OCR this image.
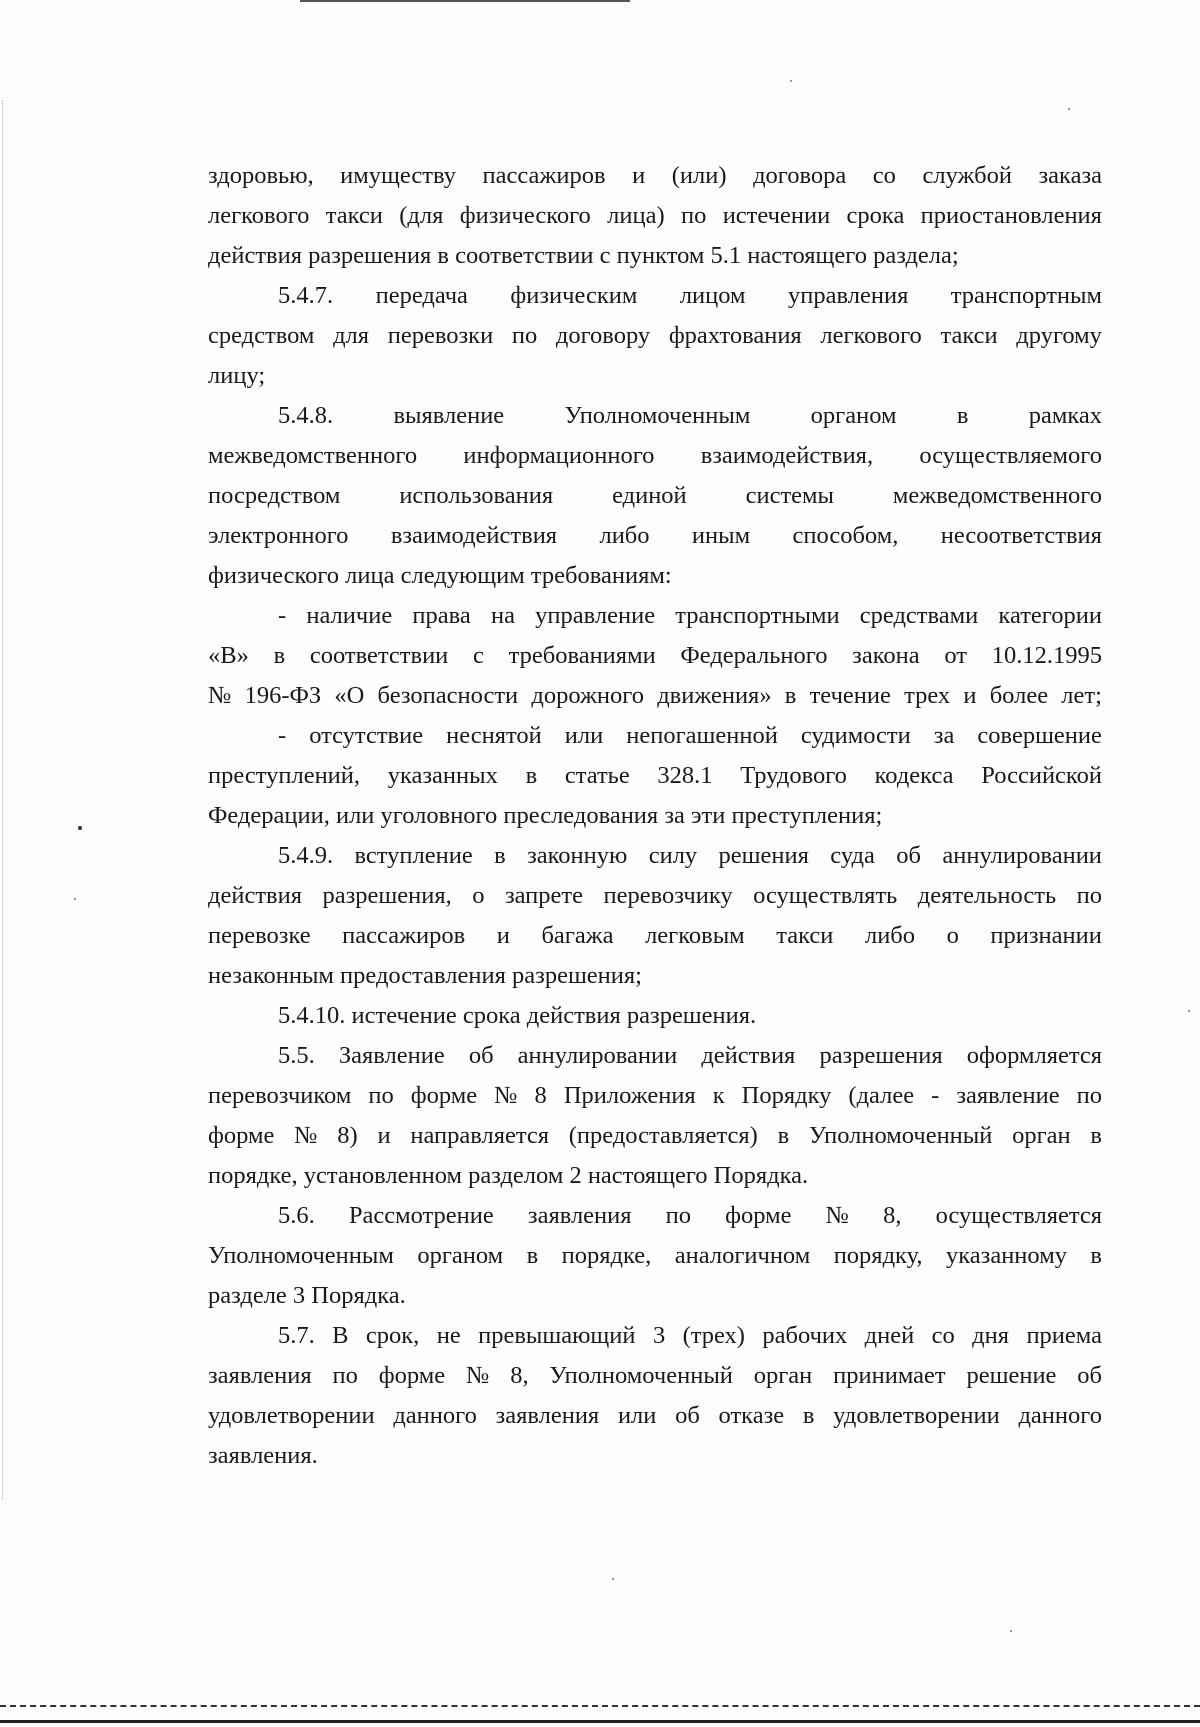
здоровью, имуществу пассажиров и (или) договора со службой заказа
легкового такси (для физического лица) по истечении срока приостановления
действия разрешения в соответствии с пунктом 5.1 настоящего раздела;
5.4.7. передача физическим лицом управления транспортным
средством для перевозки по договору фрахтования легкового такси другому
лицу;
5.4.8. выявление Уполномоченным органом в рамках
межведомственного информационного взаимодействия, осуществляемого
посредством использования единой системы межведомственного
электронного взаимодействия либо иным способом, несоответствия
физического лица следующим требованиям:
- наличие права на управление транспортными средствами категории
«В» в соответствии с требованиями Федерального закона от 10.12.1995
№ 196-ФЗ «О безопасности дорожного движения» в течение трех и более лет;
- отсутствие неснятой или непогашенной судимости за совершение
преступлений, указанных в статье 328.1 Трудового кодекса Российской
Федерации, или уголовного преследования за эти преступления;
5.4.9. вступление в законную силу решения суда об аннулировании
действия разрешения, о запрете перевозчику осуществлять деятельность по
перевозке пассажиров и багажа легковым такси либо о признании
незаконным предоставления разрешения;
5.4.10. истечение срока действия разрешения.
5.5. Заявление об аннулировании действия разрешения оформляется
перевозчиком по форме № 8 Приложения к Порядку (далее - заявление по
форме № 8) и направляется (предоставляется) в Уполномоченный орган в
порядке, установленном разделом 2 настоящего Порядка.
5.6. Рассмотрение заявления по форме № 8, осуществляется
Уполномоченным органом в порядке, аналогичном порядку, указанному в
разделе 3 Порядка.
5.7. В срок, не превышающий 3 (трех) рабочих дней со дня приема
заявления по форме № 8, Уполномоченный орган принимает решение об
удовлетворении данного заявления или об отказе в удовлетворении данного
заявления.
